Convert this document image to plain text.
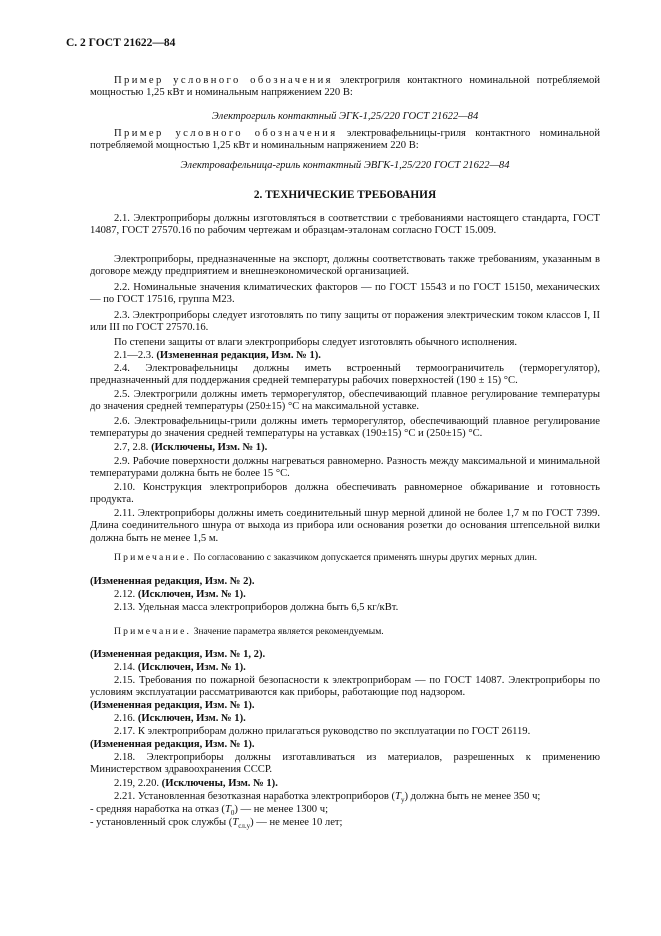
С. 2 ГОСТ 21622—84

Пример условного обозначения электрогриля контактного номинальной потребляемой мощностью 1,25 кВт и номинальным напряжением 220 В:

Электрогриль контактный ЭГК-1,25/220 ГОСТ 21622—84

Пример условного обозначения электровафельницы-гриля контактного номинальной потребляемой мощностью 1,25 кВт и номинальным напряжением 220 В:

Электровафельница-гриль контактный ЭВГК-1,25/220 ГОСТ 21622—84
2. ТЕХНИЧЕСКИЕ ТРЕБОВАНИЯ

2.1. Электроприборы должны изготовляться в соответствии с требованиями настоящего стандарта, ГОСТ 14087, ГОСТ 27570.16 по рабочим чертежам и образцам-эталонам согласно ГОСТ 15.009.

Электроприборы, предназначенные на экспорт, должны соответствовать также требованиям, указанным в договоре между предприятием и внешнеэкономической организацией.

2.2. Номинальные значения климатических факторов — по ГОСТ 15543 и по ГОСТ 15150, механических — по ГОСТ 17516, группа М23.

2.3. Электроприборы следует изготовлять по типу защиты от поражения электрическим током классов I, II или III по ГОСТ 27570.16.

По степени защиты от влаги электроприборы следует изготовлять обычного исполнения.

2.1—2.3. (Измененная редакция, Изм. № 1).

2.4. Электровафельницы должны иметь встроенный термоограничитель (терморегулятор), предназначенный для поддержания средней температуры рабочих поверхностей (190 ± 15) °С.

2.5. Электрогрили должны иметь терморегулятор, обеспечивающий плавное регулирование температуры до значения средней температуры (250±15) °С на максимальной уставке.

2.6. Электровафельницы-грили должны иметь терморегулятор, обеспечивающий плавное регулирование температуры до значения средней температуры на уставках (190±15) °С и (250±15) °С.

2.7, 2.8. (Исключены, Изм. № 1).

2.9. Рабочие поверхности должны нагреваться равномерно. Разность между максимальной и минимальной температурами должна быть не более 15 °С.

2.10. Конструкция электроприборов должна обеспечивать равномерное обжаривание и готовность продукта.

2.11. Электроприборы должны иметь соединительный шнур мерной длиной не более 1,7 м по ГОСТ 7399. Длина соединительного шнура от выхода из прибора или основания розетки до основания штепсельной вилки должна быть не менее 1,5 м.

Примечание. По согласованию с заказчиком допускается применять шнуры других мерных длин.

(Измененная редакция, Изм. № 2).

2.12. (Исключен, Изм. № 1).

2.13. Удельная масса электроприборов должна быть 6,5 кг/кВт.

Примечание. Значение параметра является рекомендуемым.

(Измененная редакция, Изм. № 1, 2).

2.14. (Исключен, Изм. № 1).

2.15. Требования по пожарной безопасности к электроприборам — по ГОСТ 14087. Электроприборы по условиям эксплуатации рассматриваются как приборы, работающие под надзором.

(Измененная редакция, Изм. № 1).

2.16. (Исключен, Изм. № 1).

2.17. К электроприборам должно прилагаться руководство по эксплуатации по ГОСТ 26119.

(Измененная редакция, Изм. № 1).

2.18. Электроприборы должны изготавливаться из материалов, разрешенных к применению Министерством здравоохранения СССР.

2.19, 2.20. (Исключены, Изм. № 1).

2.21. Установленная безотказная наработка электроприборов $(T_у)$ должна быть не менее 350 ч;

- средняя наработка на отказ $(T_0)$ — не менее 1300 ч;

- установленный срок службы $(T_{сл.у})$ — не менее 10 лет;
